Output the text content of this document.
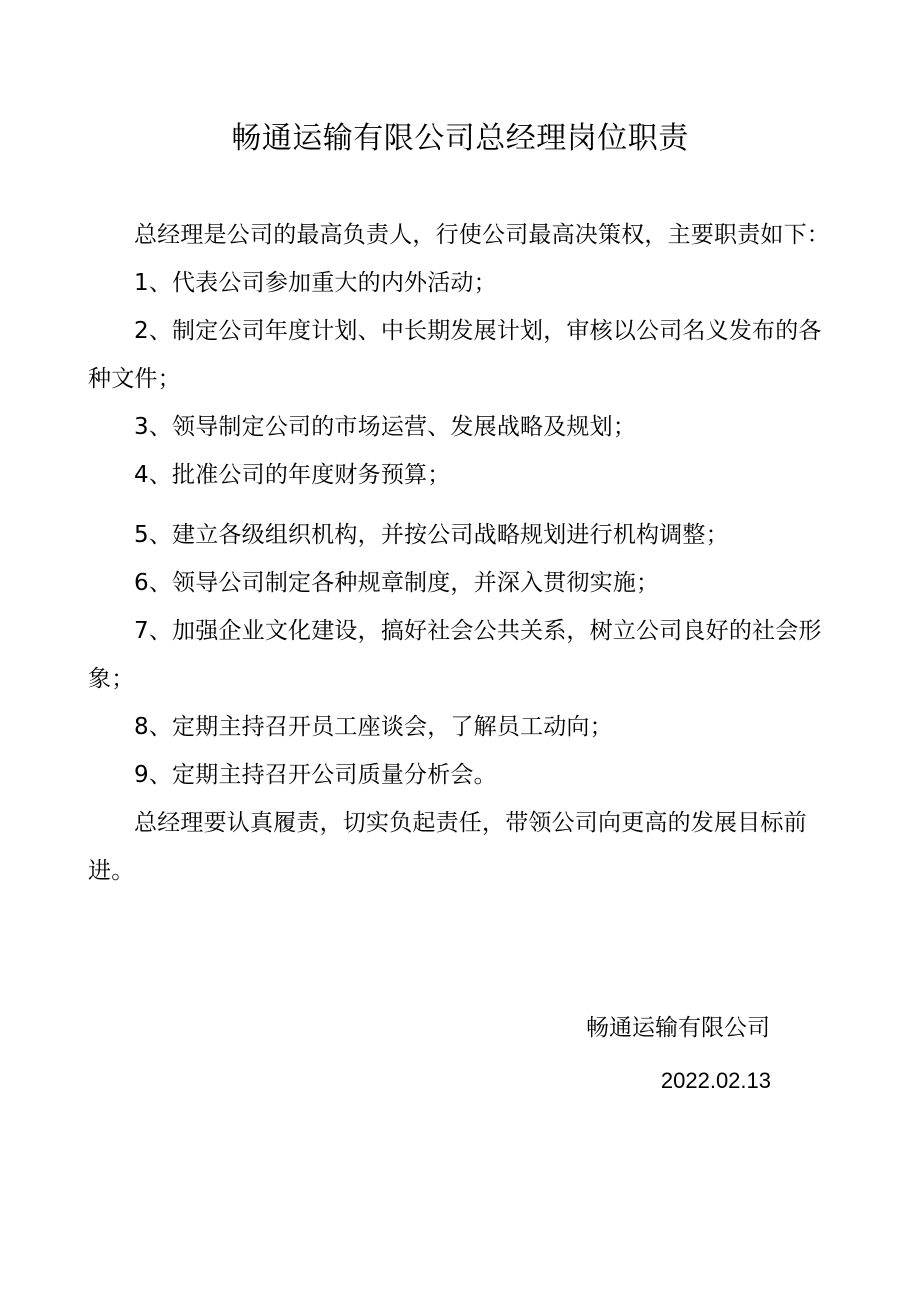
畅通运输有限公司总经理岗位职责

总经理是公司的最高负责人，行使公司最高决策权，主要职责如下：

1、代表公司参加重大的内外活动；

2、制定公司年度计划、中长期发展计划，审核以公司名义发布的各种文件；

3、领导制定公司的市场运营、发展战略及规划；

4、批准公司的年度财务预算；

5、建立各级组织机构，并按公司战略规划进行机构调整；

6、领导公司制定各种规章制度，并深入贯彻实施；

7、加强企业文化建设，搞好社会公共关系，树立公司良好的社会形象；

8、定期主持召开员工座谈会，了解员工动向；

9、定期主持召开公司质量分析会。

总经理要认真履责，切实负起责任，带领公司向更高的发展目标前进。

畅通运输有限公司
2022.02.13
